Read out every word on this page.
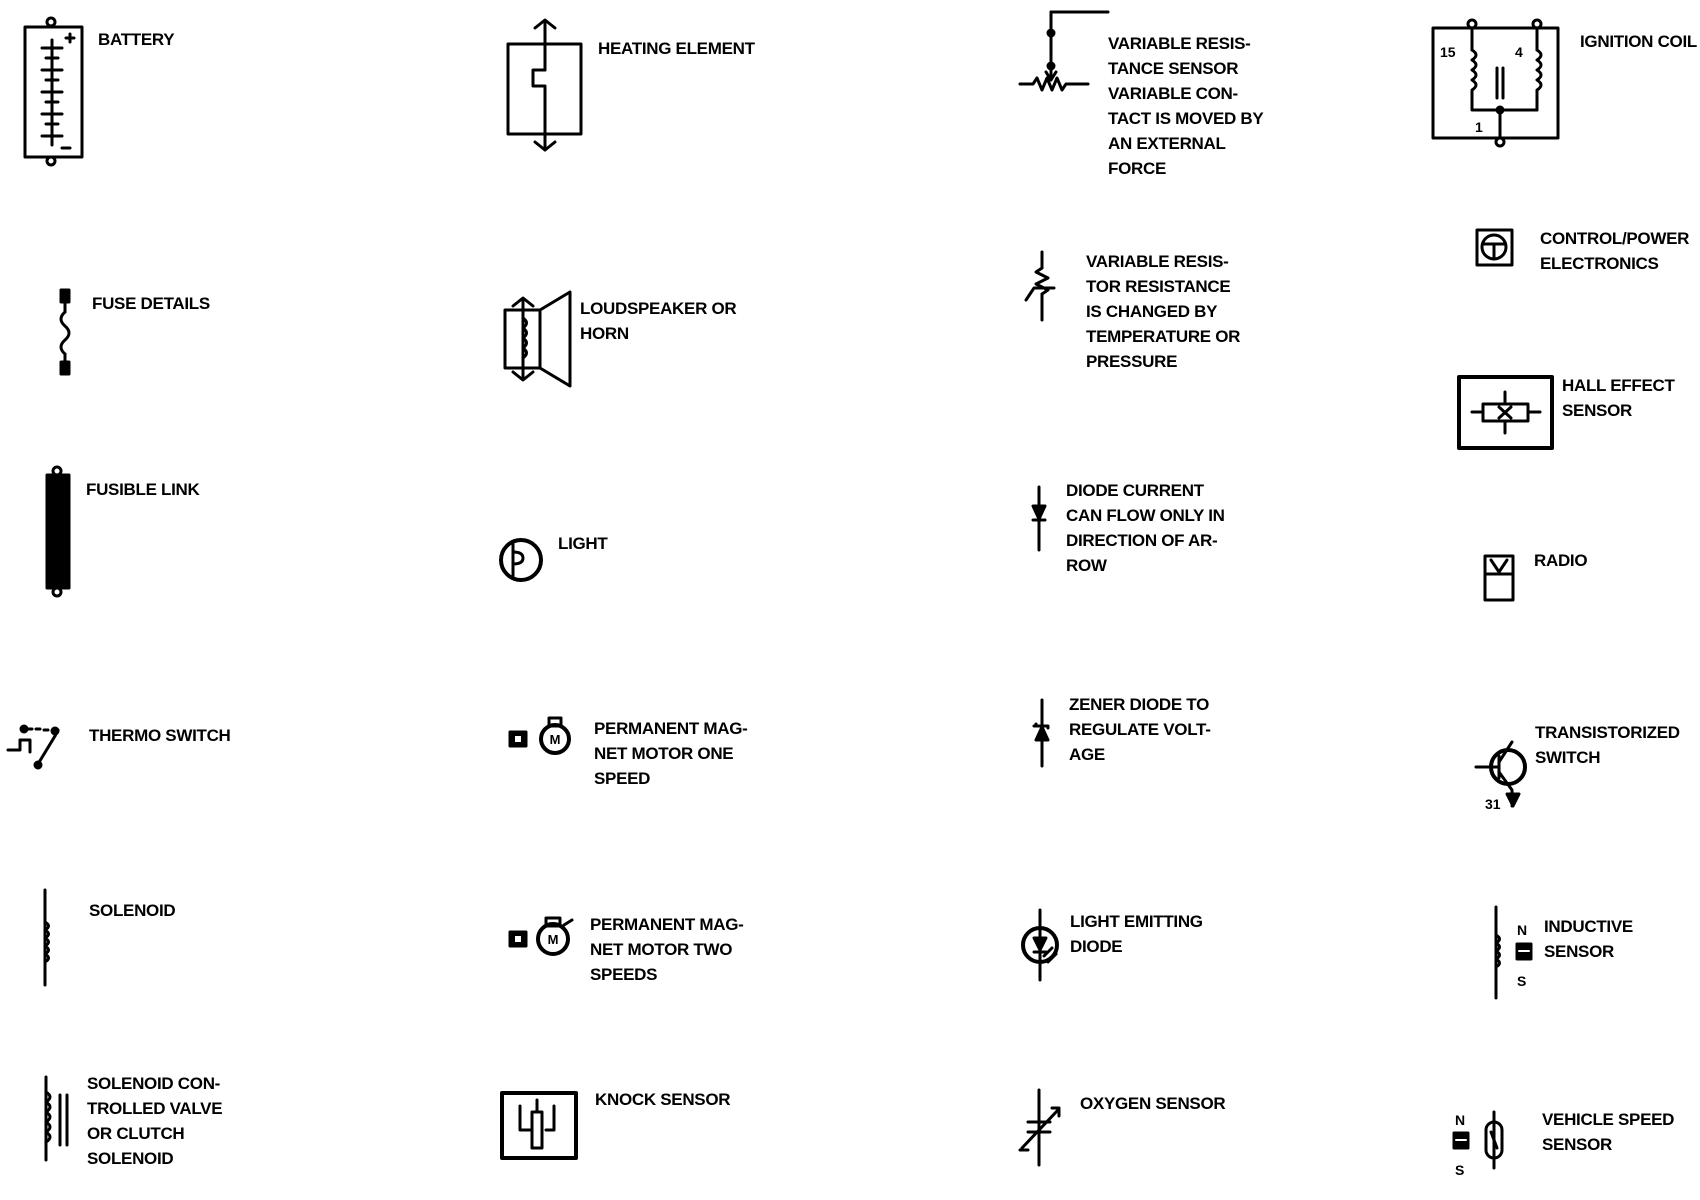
M
M
15	4
1
31
N
S
N
S
BATTERY	HEATING ELEMENT	VARIABLE RESIS-
TANCE SENSOR
VARIABLE CON-
TACT IS MOVED BY
AN EXTERNAL
FORCE
IGNITION COIL
CONTROL/POWER
ELECTRONICS
FUSE DETAILS	LOUDSPEAKER OR
HORN
VARIABLE RESIS-
TOR RESISTANCE
IS CHANGED BY
TEMPERATURE OR
PRESSURE
HALL EFFECT
SENSOR
FUSIBLE LINK
LIGHT
DIODE CURRENT
CAN FLOW ONLY IN
DIRECTION OF AR-
ROW	RADIO
THERMO SWITCH	PERMANENT MAG-
NET MOTOR ONE
SPEED
ZENER DIODE TO
REGULATE VOLT-
AGE
TRANSISTORIZED
SWITCH
SOLENOID
PERMANENT MAG-
NET MOTOR TWO
SPEEDS
LIGHT EMITTING
DIODE
INDUCTIVE
SENSOR
SOLENOID CON-
TROLLED VALVE
OR CLUTCH
SOLENOID
KNOCK SENSOR	OXYGEN SENSOR
VEHICLE SPEED
SENSOR
